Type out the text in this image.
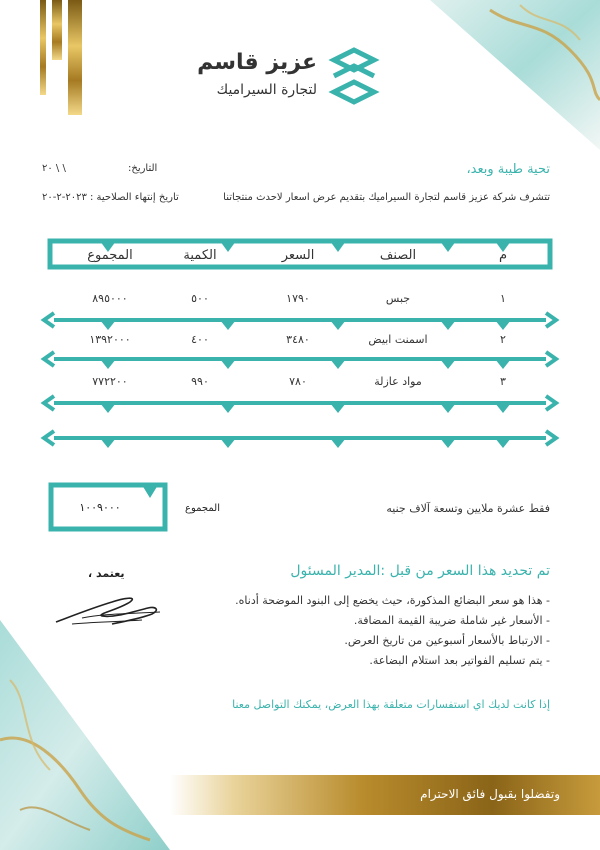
عزيز قاسم
لتجارة السيراميك
تحية طيبة وبعد،
تتشرف شركة عزيز قاسم لتجارة السيراميك بتقديم عرض اسعار لاحدث منتجاتنا
التاريخ:
٢٠ \ \
تاريخ إنتهاء الصلاحية : ٢٠٢٣-٢-٢٠
م
الصنف
السعر
الكمية
المجموع
١
جبس
١٧٩٠
٥٠٠
٨٩٥٠٠٠
٢
اسمنت ابيض
٣٤٨٠
٤٠٠
١٣٩٢٠٠٠
٣
مواد عازلة
٧٨٠
٩٩٠
٧٧٢٢٠٠
١٠٠٩٠٠٠	المجموع	فقط عشرة ملايين وتسعة آلاف جنيه
تم تحديد هذا السعر من قبل :المدير المسئول
- هذا هو سعر البضائع المذكورة، حيث يخضع إلى البنود الموضحة أدناه.
- الأسعار غير شاملة ضريبة القيمة المضافة.
- الارتباط بالأسعار أسبوعين من تاريخ العرض.
- يتم تسليم الفواتير بعد استلام البضاعة.
يعتمد ،
إذا كانت لديك اي استفسارات متعلقة بهذا العرض، يمكنك التواصل معنا
وتفضلوا بقبول فائق الاحترام
